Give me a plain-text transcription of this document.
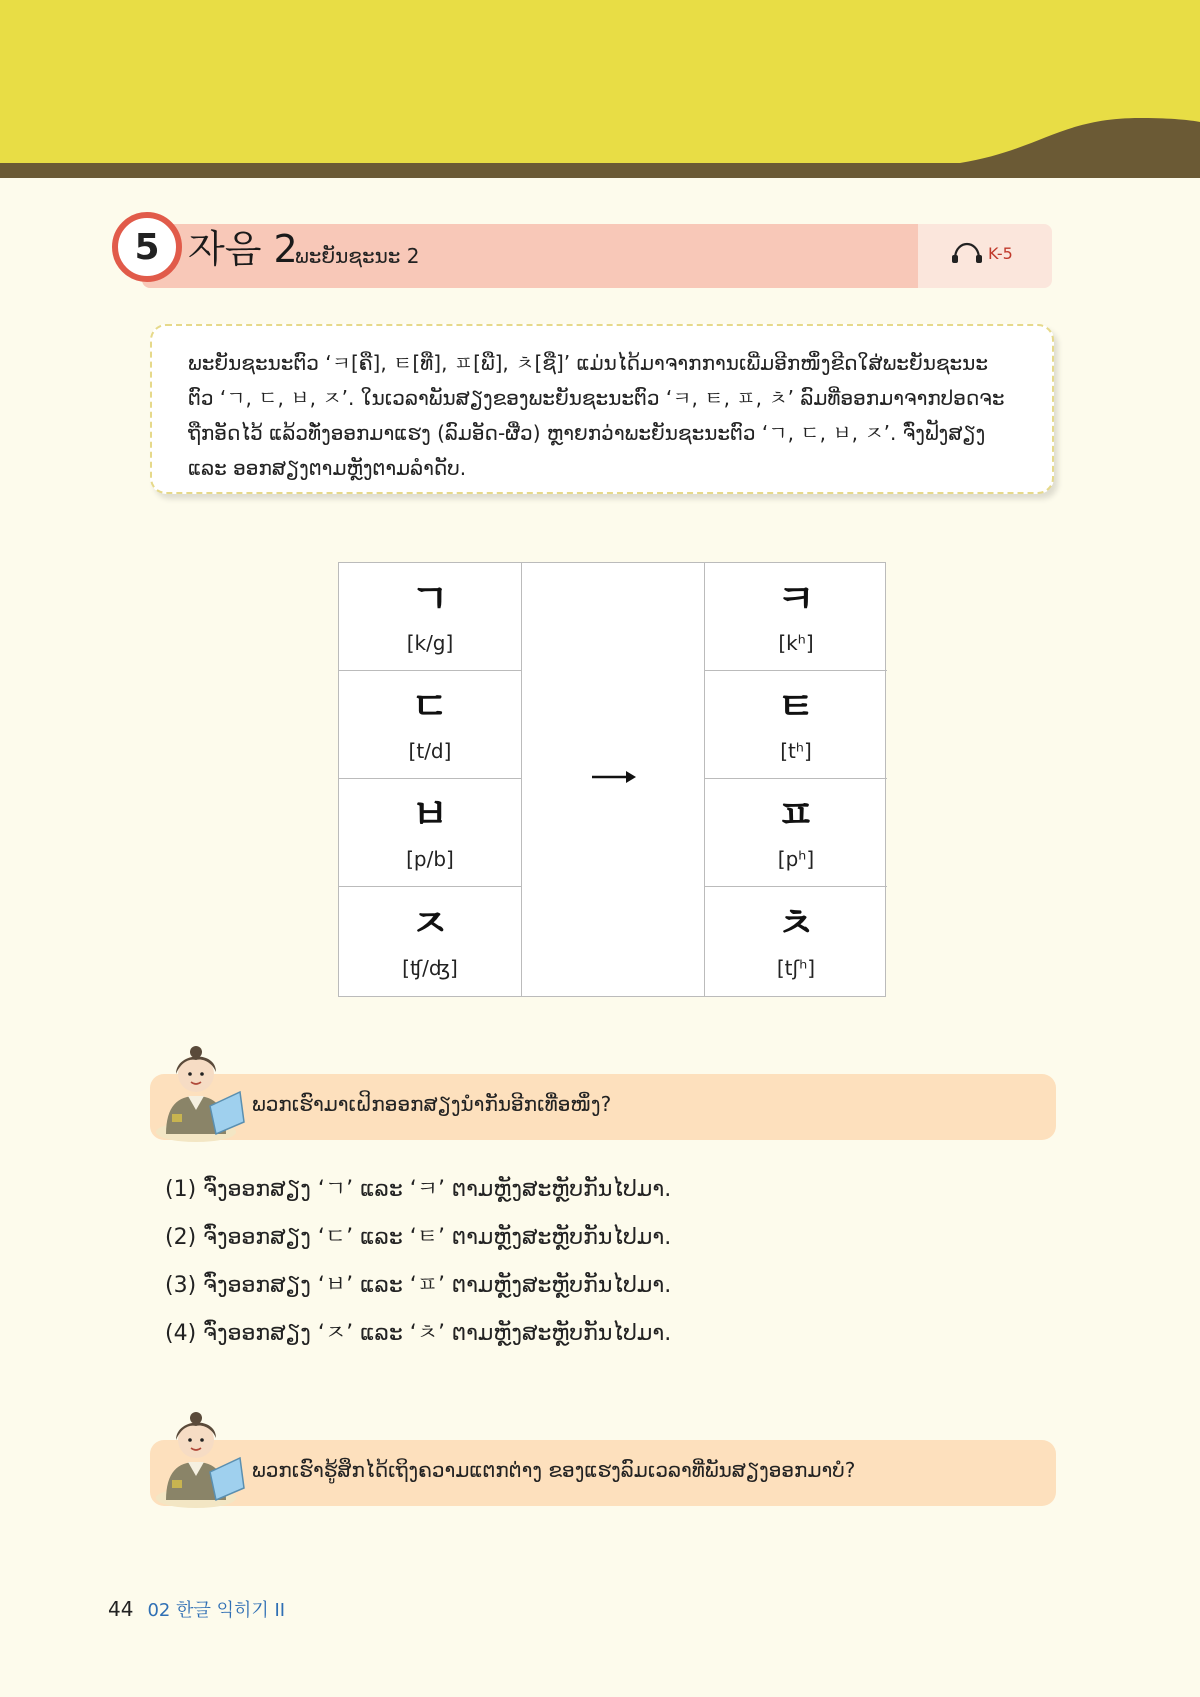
5 자음 2
ພະຍັນຊະນະ 2	K-5

ພະຍັນຊະນະຕົວ ‘ㅋ[ຄື], ㅌ[ທື], ㅍ[ພື], ㅊ[ຊື]’ ແມ່ນໄດ້ມາຈາກການເພີ່ມອີກໜຶ່ງຂີດໃສ່ພະຍັນຊະນະ ຕົວ ‘ㄱ, ㄷ, ㅂ, ㅈ’. ໃນເວລາພັນສຽງຂອງພະຍັນຊະນະຕົວ ‘ㅋ, ㅌ, ㅍ, ㅊ’ ລົມທີ່ອອກມາຈາກປອດຈະຖືກອັດໄວ້ ແລ້ວທັ່ງອອກມາແຮງ (ລົມອັດ-ຜື່ວ) ຫຼາຍກວ່າພະຍັນຊະນະຕົວ ‘ㄱ, ㄷ, ㅂ, ㅈ’. ຈົ່ງຟັງສຽງ ແລະ ອອກສຽງຕາມຫຼັງຕາມລຳດັບ.

ㄱ
[k/g]
ㄷ
[t/d]
ㅂ
[p/b]
ㅈ
[ʧ/ʤ]
ㅋ
[kʰ]
ㅌ
[tʰ]
ㅍ
[pʰ]
ㅊ
[tʃʰ]
ພວກເຮົາມາເຝິກອອກສຽງນຳກັນອີກເທື່ອໜຶ່ງ?
(1) ຈົ່ງອອກສຽງ ‘ㄱ’ ແລະ ‘ㅋ’ ຕາມຫຼັງສະຫຼັບກັນໄປມາ.
(2) ຈົ່ງອອກສຽງ ‘ㄷ’ ແລະ ‘ㅌ’ ຕາມຫຼັງສະຫຼັບກັນໄປມາ.
(3) ຈົ່ງອອກສຽງ ‘ㅂ’ ແລະ ‘ㅍ’ ຕາມຫຼັງສະຫຼັບກັນໄປມາ.
(4) ຈົ່ງອອກສຽງ ‘ㅈ’ ແລະ ‘ㅊ’ ຕາມຫຼັງສະຫຼັບກັນໄປມາ.
ພວກເຮົາຮູ້ສຶກໄດ້ເຖິງຄວາມແຕກຕ່າງ ຂອງແຮງລົມເວລາທີ່ພັນສຽງອອກມາບໍ?
44 02 한글 익히기 II
